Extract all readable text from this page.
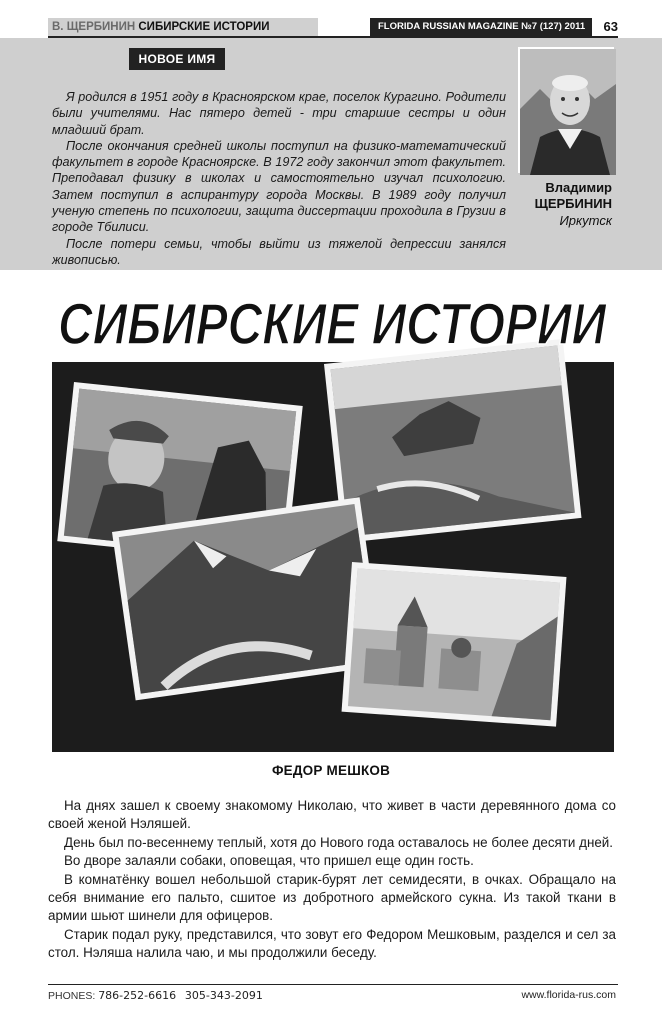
В. ЩЕРБИНИН СИБИРСКИЕ ИСТОРИИ	FLORIDA RUSSIAN MAGAZINE №7 (127) 2011	63
НОВОЕ ИМЯ

Я родился в 1951 году в Красноярском крае, поселок Курагино. Родители были учителями. Нас пятеро детей - три старшие сестры и один младший брат.

После окончания средней школы поступил на физико-математический факультет в городе Красноярске. В 1972 году закончил этот факультет. Преподавал физику в школах и самостоятельно изучал психологию. Затем поступил в аспирантуру города Москвы. В 1989 году получил ученую степень по психологии, защита диссертации проходила в Грузии в городе Тбилиси.

После потери семьи, чтобы выйти из тяжелой депрессии занялся живописью.

Владимир
ЩЕРБИНИН
Иркутск
СИБИРСКИЕ ИСТОРИИ
ФЕДОР МЕШКОВ

На днях зашел к своему знакомому Николаю, что живет в части деревянного дома со своей женой Нэляшей.

День был по-весеннему теплый, хотя до Нового года оставалось не более десяти дней.

Во дворе залаяли собаки, оповещая, что пришел еще один гость.

В комнатёнку вошел небольшой старик-бурят лет семидесяти, в очках. Обращало на себя внимание его пальто, сшитое из добротного армейского сукна. Из такой ткани в армии шьют шинели для офицеров.

Старик подал руку, представился, что зовут его Федором Мешковым, разделся и сел за стол. Нэляша налила чаю, и мы продолжили беседу.

PHONES: 786-252-6616 305-343-2091	www.florida-rus.com
